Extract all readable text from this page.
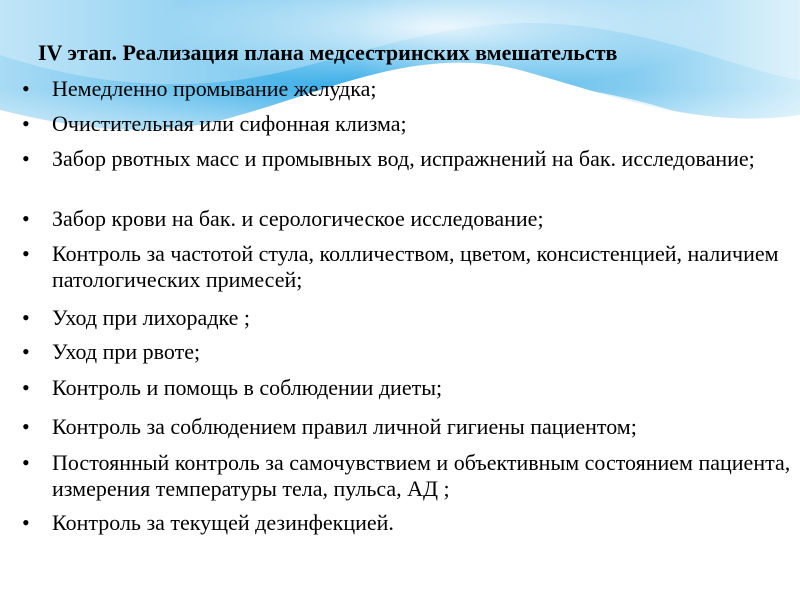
IV этап. Реализация плана медсестринских вмешательств
•	Немедленно промывание желудка;
•	Очистительная или сифонная клизма;
•	Забор рвотных масс и промывных вод, испражнений на бак. исследование;
•	Забор крови на бак. и серологическое исследование;
•	Контроль за частотой стула, колличеством, цветом, консистенцией, наличием патологических примесей;
•	Уход при лихорадке ;
•	Уход при рвоте;
•	Контроль и помощь в соблюдении диеты;
•	Контроль за соблюдением правил личной гигиены пациентом;
•	Постоянный контроль за самочувствием и объективным состоянием пациента, измерения температуры тела, пульса, АД ;
•	Контроль за текущей дезинфекцией.
